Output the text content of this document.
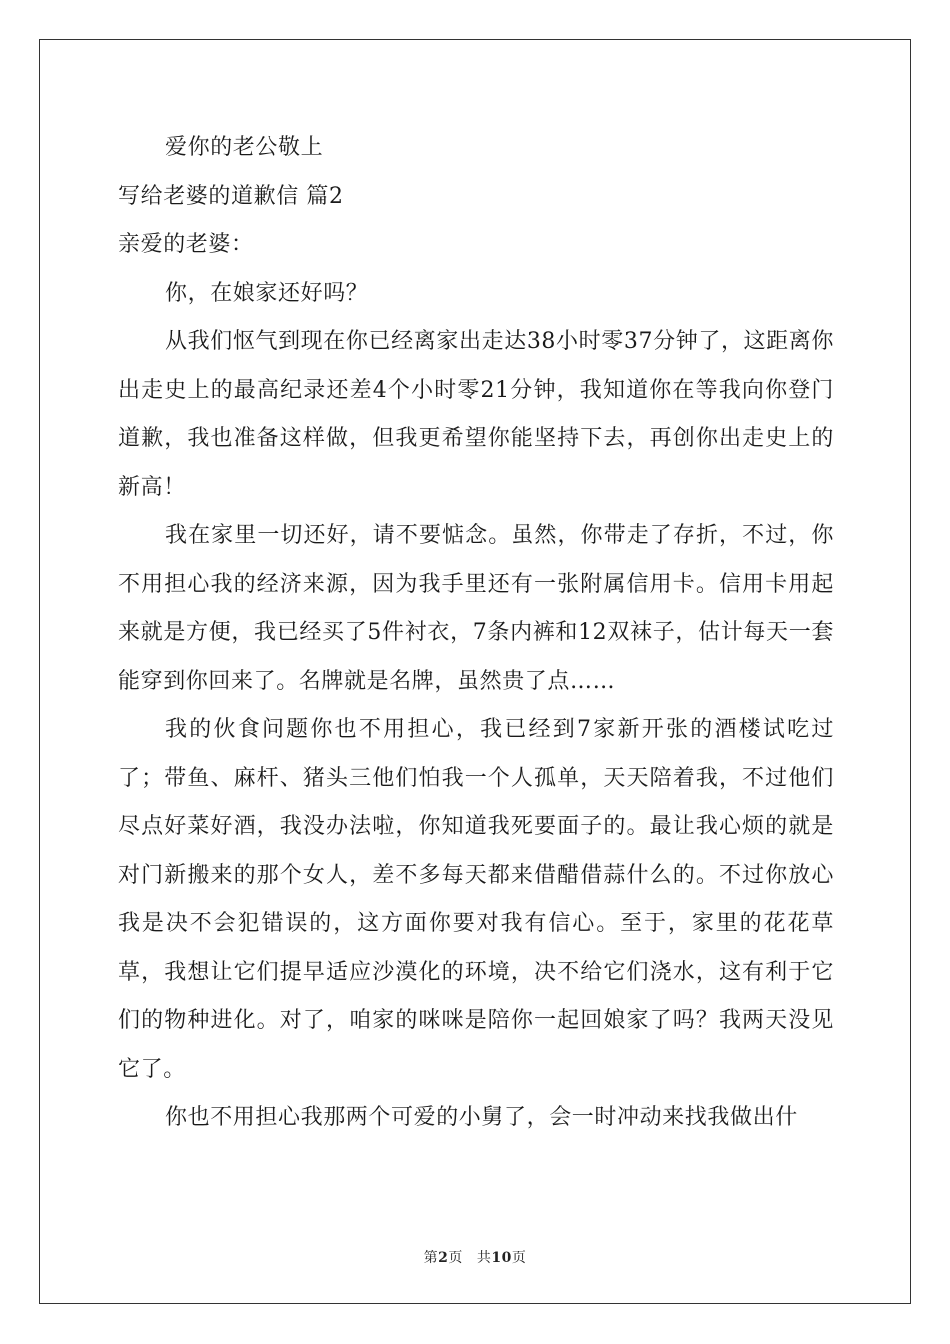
爱你的老公敬上
写给老婆的道歉信 篇2
亲爱的老婆：

你，在娘家还好吗？

从我们怄气到现在你已经离家出走达38小时零37分钟了，这距离你出走史上的最高纪录还差4个小时零21分钟，我知道你在等我向你登门道歉，我也准备这样做，但我更希望你能坚持下去，再创你出走史上的新高！

我在家里一切还好，请不要惦念。虽然，你带走了存折，不过，你不用担心我的经济来源，因为我手里还有一张附属信用卡。信用卡用起来就是方便，我已经买了5件衬衣，7条内裤和12双袜子，估计每天一套能穿到你回来了。名牌就是名牌，虽然贵了点……

我的伙食问题你也不用担心，我已经到7家新开张的酒楼试吃过了；带鱼、麻杆、猪头三他们怕我一个人孤单，天天陪着我，不过他们尽点好菜好酒，我没办法啦，你知道我死要面子的。最让我心烦的就是对门新搬来的那个女人，差不多每天都来借醋借蒜什么的。不过你放心我是决不会犯错误的，这方面你要对我有信心。至于，家里的花花草草，我想让它们提早适应沙漠化的环境，决不给它们浇水，这有利于它们的物种进化。对了，咱家的咪咪是陪你一起回娘家了吗？我两天没见它了。

你也不用担心我那两个可爱的小舅了，会一时冲动来找我做出什

第2页 共10页
